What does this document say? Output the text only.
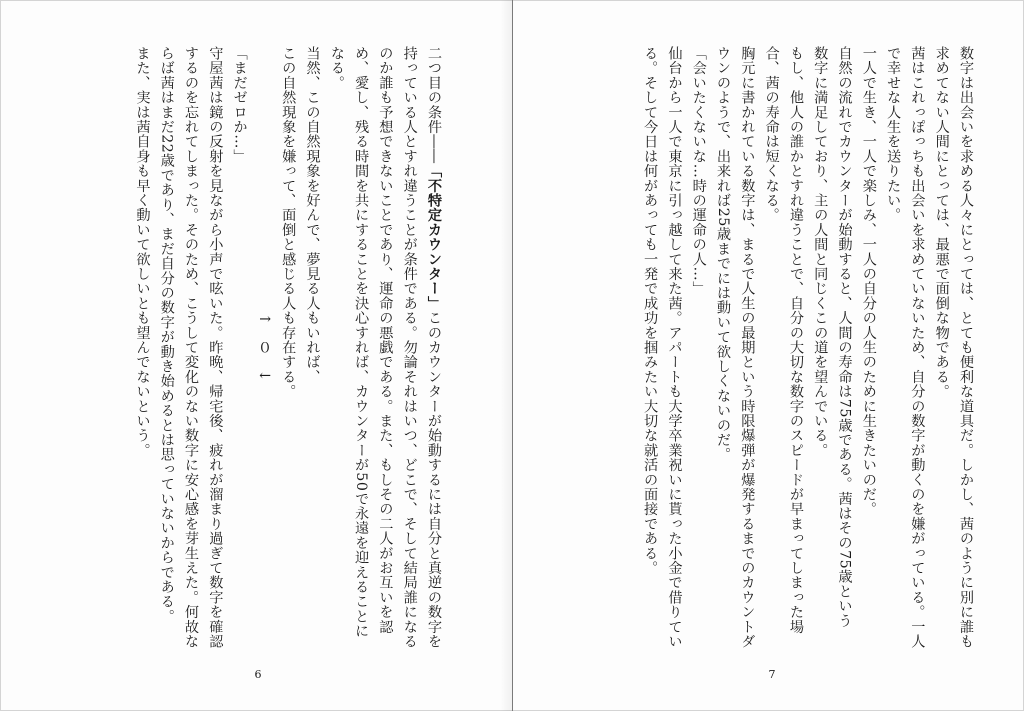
二つ目の条件――「不特定カウンター」このカウンターが始動するには自分と真逆の数字を
持っている人とすれ違うことが条件である。勿論それはいつ、どこで、そして結局誰になる
のか誰も予想できないことであり、運命の悪戯である。また、もしその二人がお互いを認
め、愛し、残る時間を共にすることを決心すれば、カウンターが50で永遠を迎えることに
なる。
当然、この自然現象を好んで、夢見る人もいれば、
この自然現象を嫌って、面倒と感じる人も存在する。
↑　０　↓
「まだゼロか…」
守屋茜は鏡の反射を見ながら小声で呟いた。昨晩、帰宅後、疲れが溜まり過ぎて数字を確認
するのを忘れてしまった。そのため、こうして変化のない数字に安心感を芽生えた。何故な
らば茜はまだ22歳であり、まだ自分の数字が動き始めるとは思っていないからである。
また、実は茜自身も早く動いて欲しいとも望んでないという。
6
数字は出会いを求める人々にとっては、とても便利な道具だ。しかし、茜のように別に誰も
求めてない人間にとっては、最悪で面倒な物である。
茜はこれっぽっちも出会いを求めていないため、自分の数字が動くのを嫌がっている。一人
で幸せな人生を送りたい。
一人で生き、一人で楽しみ、一人の自分の人生のために生きたいのだ。
自然の流れでカウンターが始動すると、人間の寿命は75歳である。茜はその75歳という
数字に満足しており、主の人間と同じくこの道を望んでいる。
もし、他人の誰かとすれ違うことで、自分の大切な数字のスピードが早まってしまった場
合、茜の寿命は短くなる。
胸元に書かれている数字は、まるで人生の最期という時限爆弾が爆発するまでのカウントダ
ウンのようで、出来れば25歳までには動いて欲しくないのだ。
「会いたくないな…時の運命の人…」
仙台から一人で東京に引っ越して来た茜。アパートも大学卒業祝いに貰った小金で借りてい
る。そして今日は何があっても一発で成功を掴みたい大切な就活の面接である。
7
